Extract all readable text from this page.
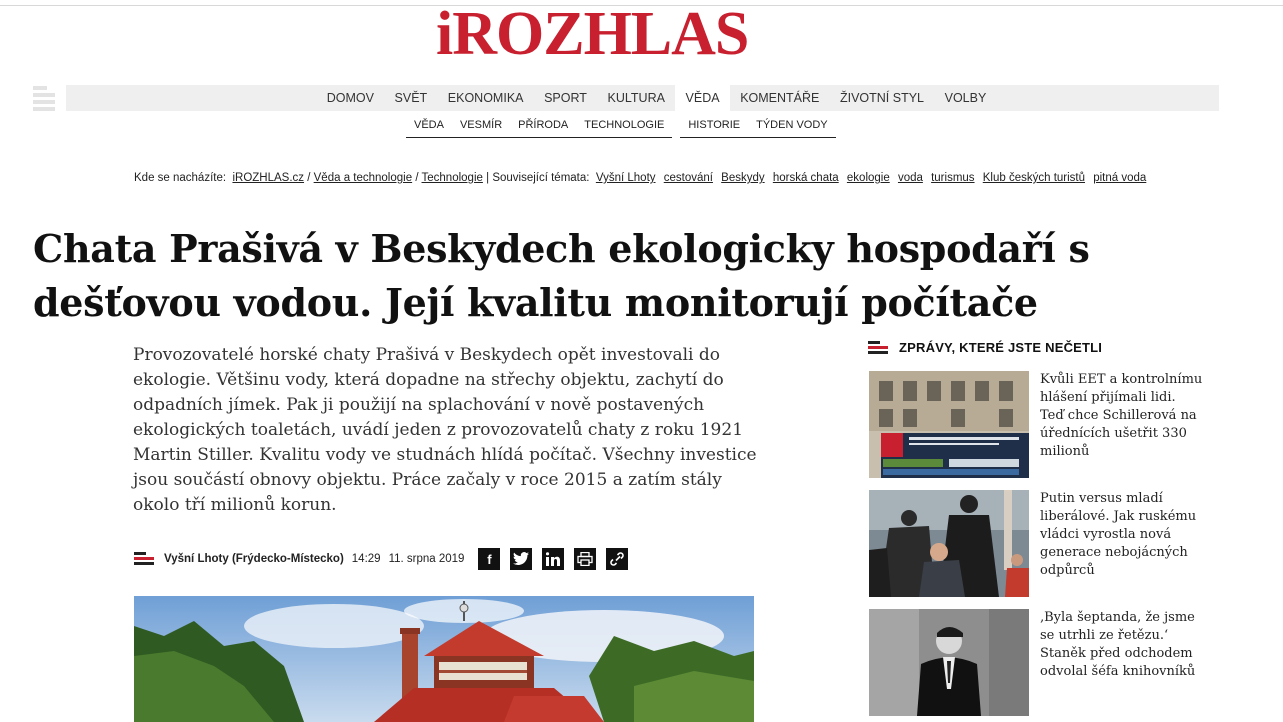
iROZHLAS
DOMOV	SVĚT	EKONOMIKA	SPORT	KULTURA	VĚDA	KOMENTÁŘE	ŽIVOTNÍ STYL	VOLBY
VĚDA	VESMÍR	PŘÍRODA	TECHNOLOGIE	HISTORIE	TÝDEN VODY
Kde se nacházíte: iROZHLAS.cz / Věda a technologie / Technologie | Související témata: Vyšní Lhoty cestování Beskydy horská chata ekologie voda turismus Klub českých turistů pitná voda
Chata Prašivá v Beskydech ekologicky hospodaří s
dešťovou vodou. Její kvalitu monitorují počítače

Provozovatelé horské chaty Prašivá v Beskydech opět investovali do ekologie. Většinu vody, která dopadne na střechy objektu, zachytí do odpadních jímek. Pak ji použijí na splachování v nově postavených ekologických toaletách, uvádí jeden z provozovatelů chaty z roku 1921 Martin Stiller. Kvalitu vody ve studnách hlídá počítač. Všechny investice jsou součástí obnovy objektu. Práce začaly v roce 2015 a zatím stály okolo tří milionů korun.

Vyšní Lhoty (Frýdecko-Místecko) 14:29 11. srpna 2019	f
ZPRÁVY, KTERÉ JSTE NEČETLI
Kvůli EET a kontrolnímu
hlášení přijímali lidi.
Teď chce Schillerová na
úřednících ušetřit 330
milionů
Putin versus mladí
liberálové. Jak ruskému
vládci vyrostla nová
generace nebojácných
odpůrců
‚Byla šeptanda, že jsme
se utrhli ze řetězu.‘
Staněk před odchodem
odvolal šéfa knihovníků
